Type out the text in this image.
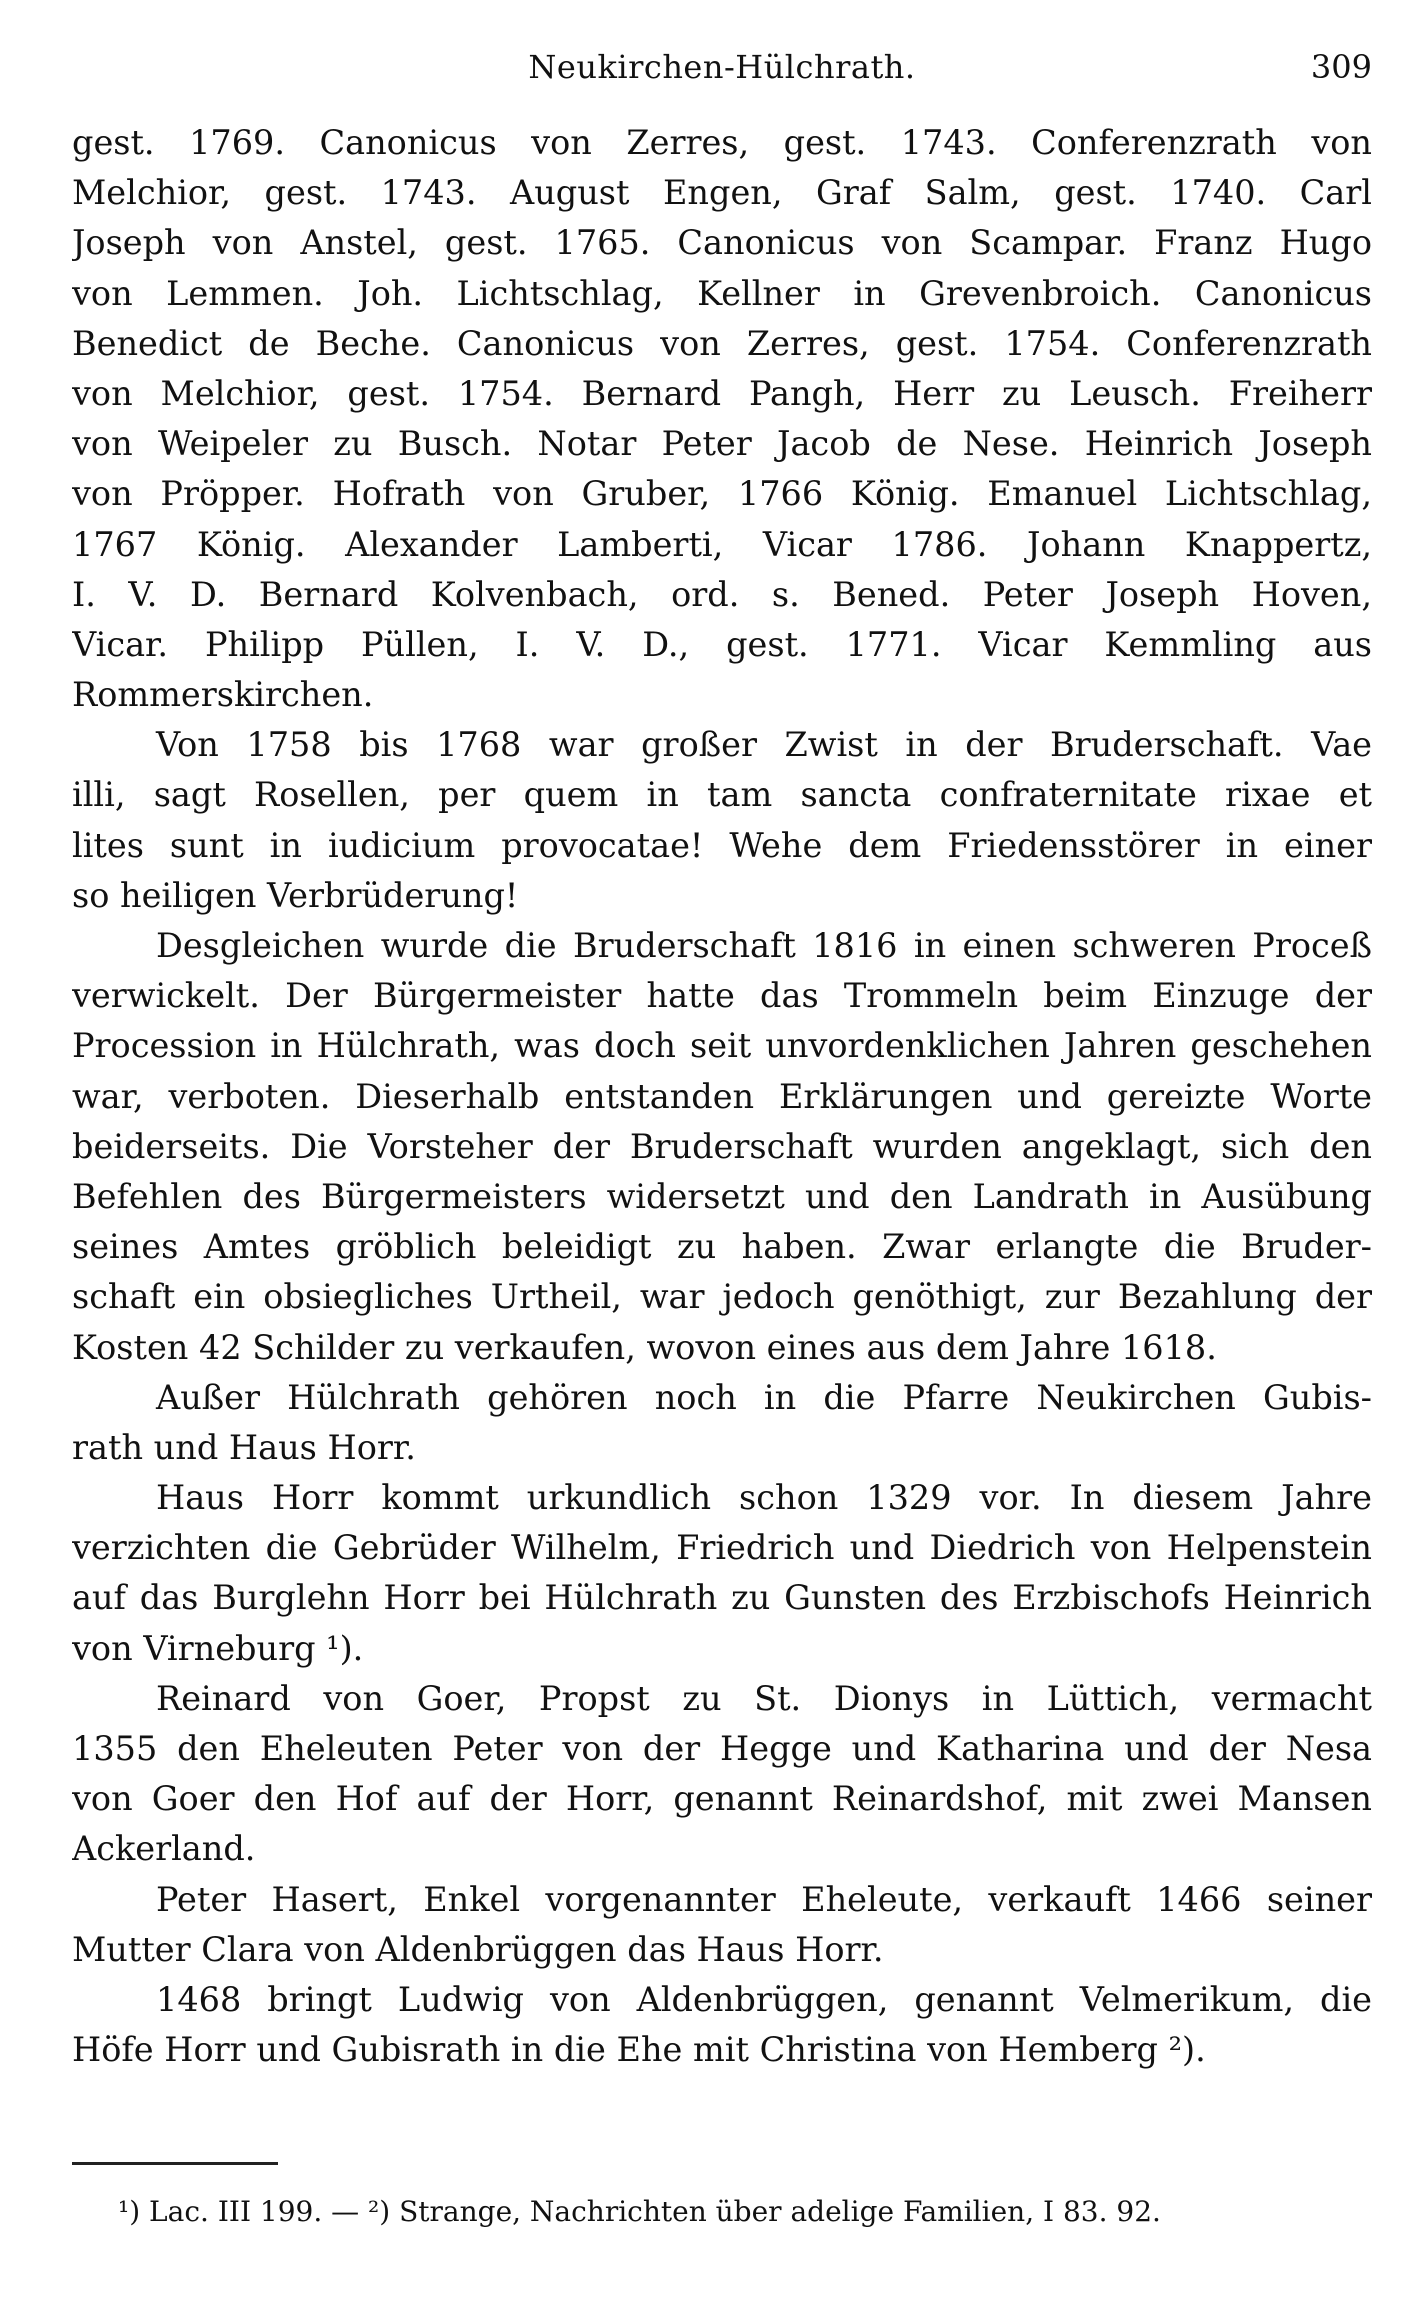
Neukirchen-Hülchrath.	309
gest. 1769. Canonicus von Zerres, gest. 1743. Conferenzrath von
Melchior, gest. 1743. August Engen, Graf Salm, gest. 1740. Carl
Joseph von Anstel, gest. 1765. Canonicus von Scampar. Franz Hugo
von Lemmen. Joh. Lichtschlag, Kellner in Grevenbroich. Canonicus
Benedict de Beche. Canonicus von Zerres, gest. 1754. Conferenzrath
von Melchior, gest. 1754. Bernard Pangh, Herr zu Leusch. Freiherr
von Weipeler zu Busch. Notar Peter Jacob de Nese. Heinrich Joseph
von Pröpper. Hofrath von Gruber, 1766 König. Emanuel Lichtschlag,
1767 König. Alexander Lamberti, Vicar 1786. Johann Knappertz,
I. V. D. Bernard Kolvenbach, ord. s. Bened. Peter Joseph Hoven,
Vicar. Philipp Püllen, I. V. D., gest. 1771. Vicar Kemmling aus
Rommerskirchen.
Von 1758 bis 1768 war großer Zwist in der Bruderschaft. Vae
illi, sagt Rosellen, per quem in tam sancta confraternitate rixae et
lites sunt in iudicium provocatae! Wehe dem Friedensstörer in einer
so heiligen Verbrüderung!
Desgleichen wurde die Bruderschaft 1816 in einen schweren Proceß
verwickelt. Der Bürgermeister hatte das Trommeln beim Einzuge der
Procession in Hülchrath, was doch seit unvordenklichen Jahren geschehen
war, verboten. Dieserhalb entstanden Erklärungen und gereizte Worte
beiderseits. Die Vorsteher der Bruderschaft wurden angeklagt, sich den
Befehlen des Bürgermeisters widersetzt und den Landrath in Ausübung
seines Amtes gröblich beleidigt zu haben. Zwar erlangte die Bruder-
schaft ein obsiegliches Urtheil, war jedoch genöthigt, zur Bezahlung der
Kosten 42 Schilder zu verkaufen, wovon eines aus dem Jahre 1618.
Außer Hülchrath gehören noch in die Pfarre Neukirchen Gubis-
rath und Haus Horr.
Haus Horr kommt urkundlich schon 1329 vor. In diesem Jahre
verzichten die Gebrüder Wilhelm, Friedrich und Diedrich von Helpenstein
auf das Burglehn Horr bei Hülchrath zu Gunsten des Erzbischofs Heinrich
von Virneburg ¹).
Reinard von Goer, Propst zu St. Dionys in Lüttich, vermacht
1355 den Eheleuten Peter von der Hegge und Katharina und der Nesa
von Goer den Hof auf der Horr, genannt Reinardshof, mit zwei Mansen
Ackerland.
Peter Hasert, Enkel vorgenannter Eheleute, verkauft 1466 seiner
Mutter Clara von Aldenbrüggen das Haus Horr.
1468 bringt Ludwig von Aldenbrüggen, genannt Velmerikum, die
Höfe Horr und Gubisrath in die Ehe mit Christina von Hemberg ²).
¹) Lac. III 199. — ²) Strange, Nachrichten über adelige Familien, I 83. 92.
